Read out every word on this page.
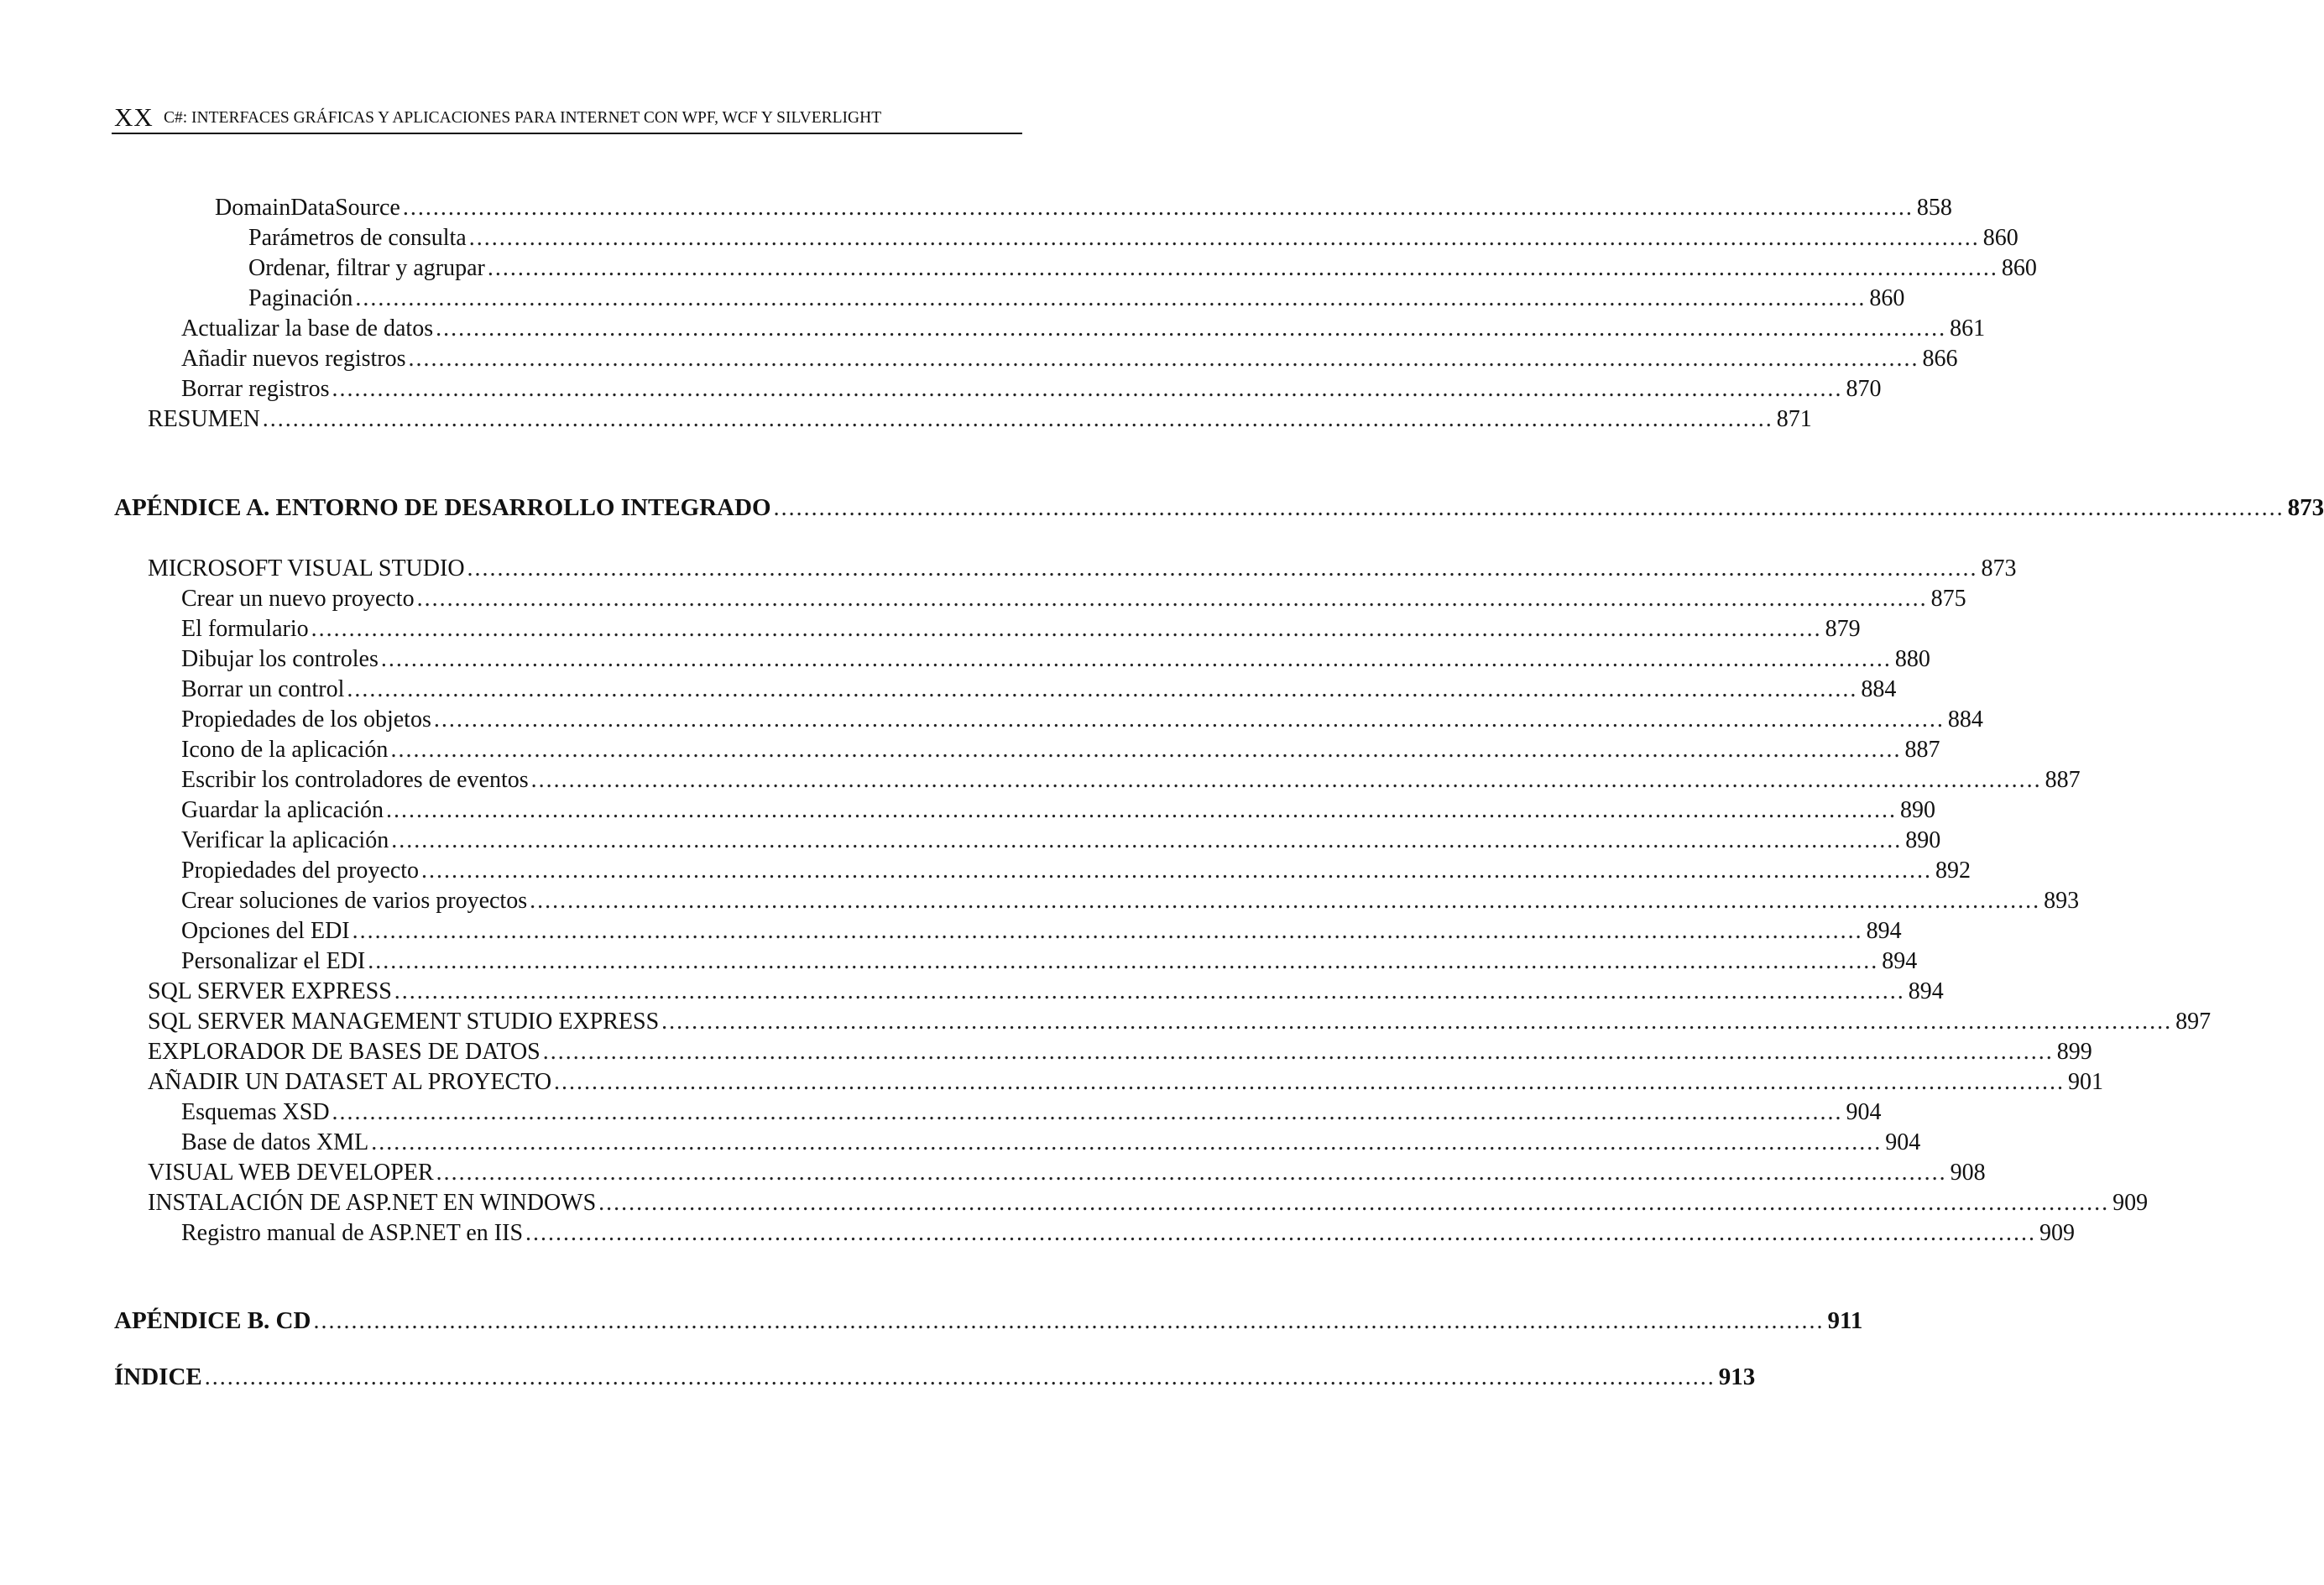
XX C#: INTERFACES GRÁFICAS Y APLICACIONES PARA INTERNET CON WPF, WCF Y SILVERLIGHT
DomainDataSource ........................................................................................................................................................................................................ 858
Parámetros de consulta ........................................................................................................................................................................................................ 860
Ordenar, filtrar y agrupar ........................................................................................................................................................................................................ 860
Paginación ........................................................................................................................................................................................................ 860
Actualizar la base de datos ........................................................................................................................................................................................................ 861
Añadir nuevos registros ........................................................................................................................................................................................................ 866
Borrar registros ........................................................................................................................................................................................................ 870
RESUMEN ........................................................................................................................................................................................................ 871
APÉNDICE A. ENTORNO DE DESARROLLO INTEGRADO ........................................................................................................................................................................................................ 873
MICROSOFT VISUAL STUDIO ........................................................................................................................................................................................................ 873
Crear un nuevo proyecto ........................................................................................................................................................................................................ 875
El formulario ........................................................................................................................................................................................................ 879
Dibujar los controles ........................................................................................................................................................................................................ 880
Borrar un control ........................................................................................................................................................................................................ 884
Propiedades de los objetos ........................................................................................................................................................................................................ 884
Icono de la aplicación ........................................................................................................................................................................................................ 887
Escribir los controladores de eventos ........................................................................................................................................................................................................ 887
Guardar la aplicación ........................................................................................................................................................................................................ 890
Verificar la aplicación ........................................................................................................................................................................................................ 890
Propiedades del proyecto ........................................................................................................................................................................................................ 892
Crear soluciones de varios proyectos ........................................................................................................................................................................................................ 893
Opciones del EDI ........................................................................................................................................................................................................ 894
Personalizar el EDI ........................................................................................................................................................................................................ 894
SQL SERVER EXPRESS ........................................................................................................................................................................................................ 894
SQL SERVER MANAGEMENT STUDIO EXPRESS ........................................................................................................................................................................................................ 897
EXPLORADOR DE BASES DE DATOS ........................................................................................................................................................................................................ 899
AÑADIR UN DATASET AL PROYECTO ........................................................................................................................................................................................................ 901
Esquemas XSD ........................................................................................................................................................................................................ 904
Base de datos XML ........................................................................................................................................................................................................ 904
VISUAL WEB DEVELOPER ........................................................................................................................................................................................................ 908
INSTALACIÓN DE ASP.NET EN WINDOWS ........................................................................................................................................................................................................ 909
Registro manual de ASP.NET en IIS ........................................................................................................................................................................................................ 909
APÉNDICE B. CD ........................................................................................................................................................................................................ 911
ÍNDICE ........................................................................................................................................................................................................ 913
